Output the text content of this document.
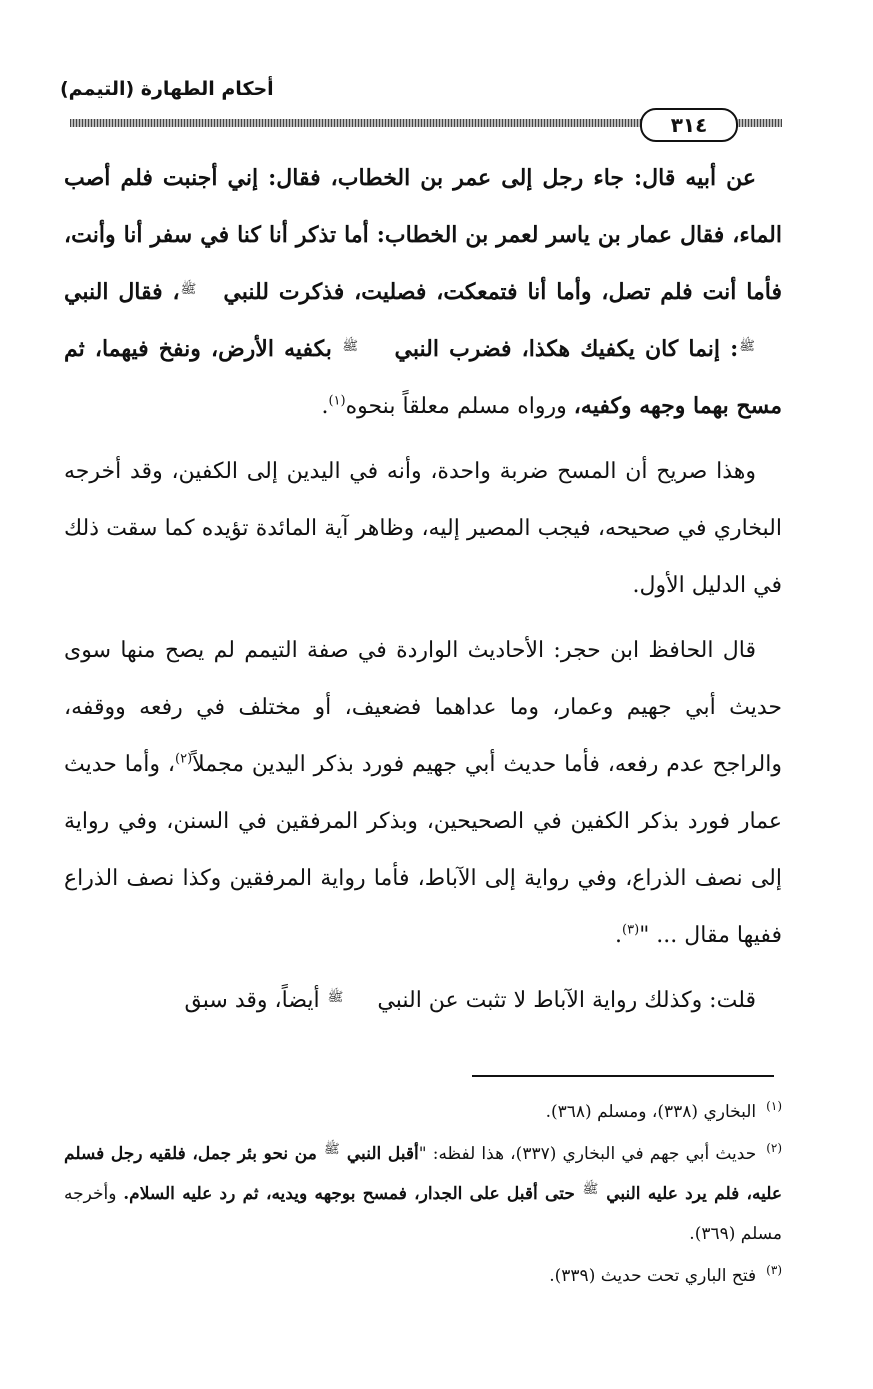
أحكام الطهارة (التيمم)
٣١٤

عن أبيه قال: جاء رجل إلى عمر بن الخطاب، فقال: إني أجنبت فلم أصب الماء، فقال عمار بن ياسر لعمر بن الخطاب: أما تذكر أنا كنا في سفر أنا وأنت، فأما أنت فلم تصل، وأما أنا فتمعكت، فصليت، فذكرت للنبيﷺ، فقال النبيﷺ: إنما كان يكفيك هكذا، فضرب النبي ﷺ بكفيه الأرض، ونفخ فيهما، ثم مسح بهما وجهه وكفيه، ورواه مسلم معلقاً بنحوه$^{(١)}$.

وهذا صريح أن المسح ضربة واحدة، وأنه في اليدين إلى الكفين، وقد أخرجه البخاري في صحيحه، فيجب المصير إليه، وظاهر آية المائدة تؤيده كما سقت ذلك في الدليل الأول.

قال الحافظ ابن حجر: الأحاديث الواردة في صفة التيمم لم يصح منها سوى حديث أبي جهيم وعمار، وما عداهما فضعيف، أو مختلف في رفعه ووقفه، والراجح عدم رفعه، فأما حديث أبي جهيم فورد بذكر اليدين مجملاً$^{(٢)}$، وأما حديث عمار فورد بذكر الكفين في الصحيحين، وبذكر المرفقين في السنن، وفي رواية إلى نصف الذراع، وفي رواية إلى الآباط، فأما رواية المرفقين وكذا نصف الذراع ففيها مقال ... "$^{(٣)}$.

قلت: وكذلك رواية الآباط لا تثبت عن النبي ﷺ أيضاً، وقد سبق

$^{(١)}$البخاري (٣٣٨)، ومسلم (٣٦٨).
$^{(٢)}$حديث أبي جهم في البخاري (٣٣٧)، هذا لفظه: "أقبل النبي ﷺ من نحو بئر جمل، فلقيه رجل فسلم عليه، فلم يرد عليه النبي ﷺ حتى أقبل على الجدار، فمسح بوجهه ويديه، ثم رد عليه السلام. وأخرجه مسلم (٣٦٩).
$^{(٣)}$فتح الباري تحت حديث (٣٣٩).
